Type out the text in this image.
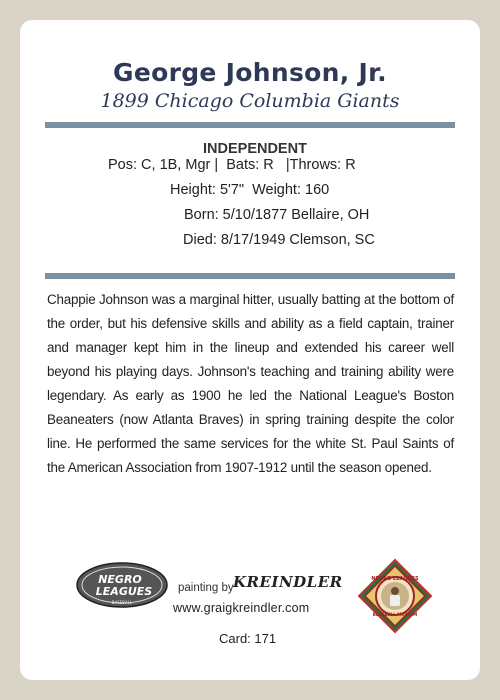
George Johnson, Jr.
1899 Chicago Columbia Giants
INDEPENDENT
Pos: C, 1B, Mgr | Bats: R |Throws: R
Height: 5'7" Weight: 160
Born: 5/10/1877 Bellaire, OH
Died: 8/17/1949 Clemson, SC
Chappie Johnson was a marginal hitter, usually batting at the bottom of the order, but his defensive skills and ability as a field captain, trainer and manager kept him in the lineup and extended his career well beyond his playing days. Johnson's teaching and training ability were legendary. As early as 1900 he led the National League's Boston Beaneaters (now Atlanta Braves) in spring training despite the color line. He performed the same services for the white St. Paul Saints of the American Association from 1907-1912 until the season opened.
NEGRO
LEAGUES
BASEBALL
painting by KREINDLER
www.graigkreindler.com
Card: 171
NEGRO LEAGUES
BASEBALL MUSEUM
